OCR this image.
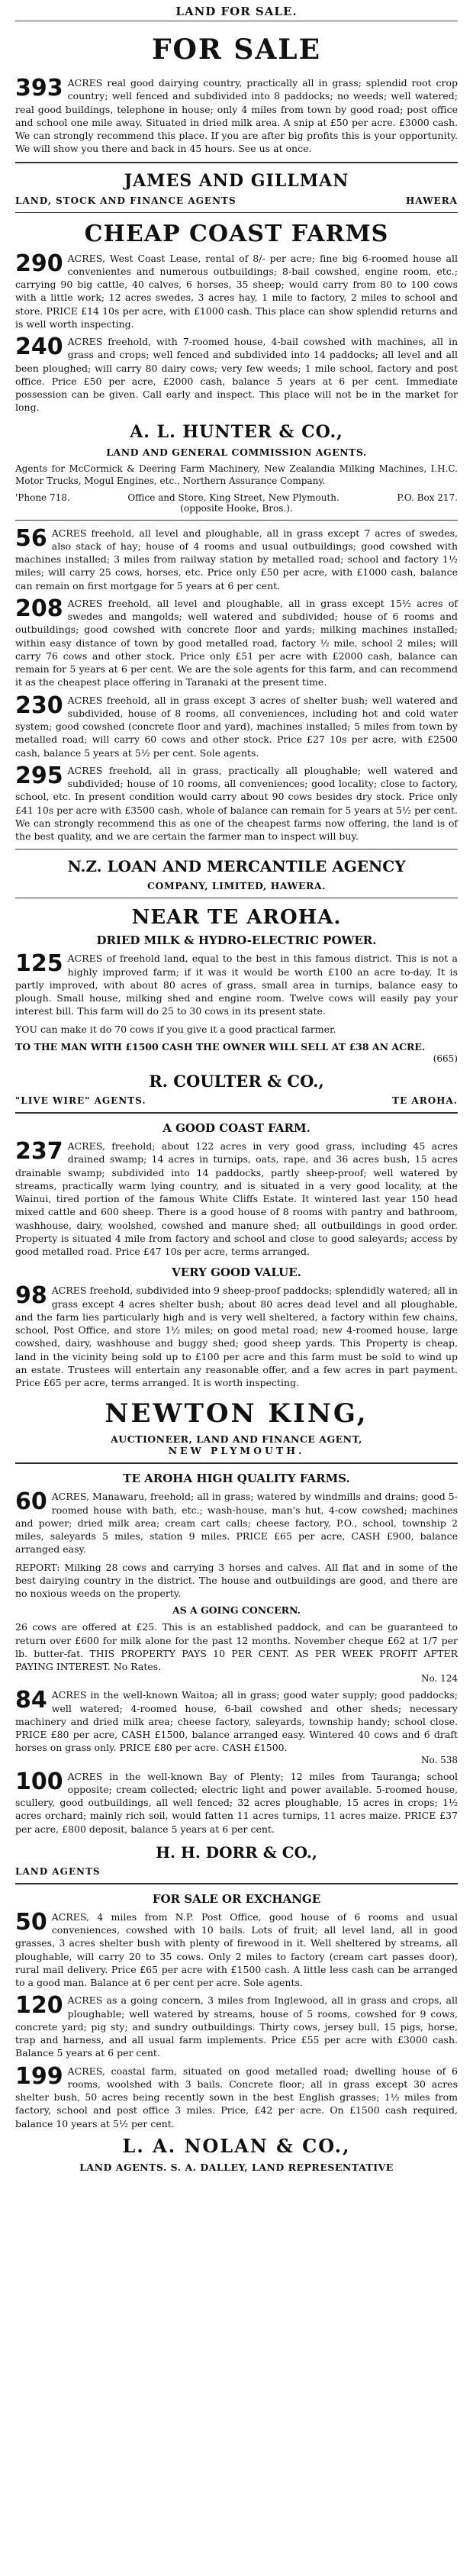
LAND FOR SALE.
FOR SALE

393 ACRES real good dairying country, practically all in grass; splendid root crop country; well fenced and subdivided into 8 paddocks; no weeds; well watered; real good buildings, telephone in house; only 4 miles from town by good road; post office and school one mile away. Situated in dried milk area. A snip at £50 per acre. £3000 cash. We can strongly recommend this place. If you are after big profits this is your opportunity. We will show you there and back in 45 hours. See us at once.

JAMES AND GILLMAN
LAND, STOCK AND FINANCE AGENTS	HAWERA
CHEAP COAST FARMS

290 ACRES, West Coast Lease, rental of 8/- per acre; fine big 6-roomed house all convenientes and numerous outbuildings; 8-bail cowshed, engine room, etc.; carrying 90 big cattle, 40 calves, 6 horses, 35 sheep; would carry from 80 to 100 cows with a little work; 12 acres swedes, 3 acres hay, 1 mile to factory, 2 miles to school and store. PRICE £14 10s per acre, with £1000 cash. This place can show splendid returns and is well worth inspecting.

240 ACRES freehold, with 7-roomed house, 4-bail cowshed with machines, all in grass and crops; well fenced and subdivided into 14 paddocks; all level and all been ploughed; will carry 80 dairy cows; very few weeds; 1 mile school, factory and post office. Price £50 per acre, £2000 cash, balance 5 years at 6 per cent. Immediate possession can be given. Call early and inspect. This place will not be in the market for long.

A. L. HUNTER & CO.,
LAND AND GENERAL COMMISSION AGENTS.

Agents for McCormick & Deering Farm Machinery, New Zealandia Milking Machines, I.H.C. Motor Trucks, Mogul Engines, etc., Northern Assurance Company.

'Phone 718.	Office and Store, King Street, New Plymouth.	P.O. Box 217.
(opposite Hooke, Bros.).

56 ACRES freehold, all level and ploughable, all in grass except 7 acres of swedes, also stack of hay; house of 4 rooms and usual outbuildings; good cowshed with machines installed; 3 miles from railway station by metalled road; school and factory 1½ miles; will carry 25 cows, horses, etc. Price only £50 per acre, with £1000 cash, balance can remain on first mortgage for 5 years at 6 per cent.

208 ACRES freehold, all level and ploughable, all in grass except 15½ acres of swedes and mangolds; well watered and subdivided; house of 6 rooms and outbuildings; good cowshed with concrete floor and yards; milking machines installed; within easy distance of town by good metalled road, factory ½ mile, school 2 miles; will carry 76 cows and other stock. Price only £51 per acre with £2000 cash, balance can remain for 5 years at 6 per cent. We are the sole agents for this farm, and can recommend it as the cheapest place offering in Taranaki at the present time.

230 ACRES freehold, all in grass except 3 acres of shelter bush; well watered and subdivided, house of 8 rooms, all conveniences, including hot and cold water system; good cowshed (concrete floor and yard), machines installed; 5 miles from town by metalled road; will carry 60 cows and other stock. Price £27 10s per acre, with £2500 cash, balance 5 years at 5½ per cent. Sole agents.

295 ACRES freehold, all in grass, practically all ploughable; well watered and subdivided; house of 10 rooms, all conveniences; good locality; close to factory, school, etc. In present condition would carry about 90 cows besides dry stock. Price only £41 10s per acre with £3500 cash, whole of balance can remain for 5 years at 5½ per cent. We can strongly recommend this as one of the cheapest farms now offering, the land is of the best quality, and we are certain the farmer man to inspect will buy.

N.Z. LOAN AND MERCANTILE AGENCY
COMPANY, LIMITED, HAWERA.
NEAR TE AROHA.
DRIED MILK & HYDRO-ELECTRIC POWER.

125 ACRES of freehold land, equal to the best in this famous district. This is not a highly improved farm; if it was it would be worth £100 an acre to-day. It is partly improved, with about 80 acres of grass, small area in turnips, balance easy to plough. Small house, milking shed and engine room. Twelve cows will easily pay your interest bill. This farm will do 25 to 30 cows in its present state.

YOU can make it do 70 cows if you give it a good practical farmer.

TO THE MAN WITH £1500 CASH THE OWNER WILL SELL AT £38 AN ACRE.

(665)
R. COULTER & CO.,
"LIVE WIRE" AGENTS.	TE AROHA.
A GOOD COAST FARM.

237 ACRES, freehold; about 122 acres in very good grass, including 45 acres drained swamp; 14 acres in turnips, oats, rape, and 36 acres bush, 15 acres drainable swamp; subdivided into 14 paddocks, partly sheep-proof; well watered by streams, practically warm lying country, and is situated in a very good locality, at the Wainui, tired portion of the famous White Cliffs Estate. It wintered last year 150 head mixed cattle and 600 sheep. There is a good house of 8 rooms with pantry and bathroom, washhouse, dairy, woolshed, cowshed and manure shed; all outbuildings in good order. Property is situated 4 mile from factory and school and close to good saleyards; access by good metalled road. Price £47 10s per acre, terms arranged.

VERY GOOD VALUE.

98 ACRES freehold, subdivided into 9 sheep-proof paddocks; splendidly watered; all in grass except 4 acres shelter bush; about 80 acres dead level and all ploughable, and the farm lies particularly high and is very well sheltered, a factory within few chains, school, Post Office, and store 1½ miles; on good metal road; new 4-roomed house, large cowshed, dairy, washhouse and buggy shed; good sheep yards. This Property is cheap, land in the vicinity being sold up to £100 per acre and this farm must be sold to wind up an estate. Trustees will entertain any reasonable offer, and a few acres in part payment. Price £65 per acre, terms arranged. It is worth inspecting.

NEWTON KING,
AUCTIONEER, LAND AND FINANCE AGENT,
NEW PLYMOUTH.
TE AROHA HIGH QUALITY FARMS.

60 ACRES, Manawaru, freehold; all in grass; watered by windmills and drains; good 5-roomed house with bath, etc.; wash-house, man's hut, 4-cow cowshed; machines and power; dried milk area; cream cart calls; cheese factory, P.O., school, township 2 miles, saleyards 5 miles, station 9 miles. PRICE £65 per acre, CASH £900, balance arranged easy.

REPORT: Milking 28 cows and carrying 3 horses and calves. All flat and in some of the best dairying country in the district. The house and outbuildings are good, and there are no noxious weeds on the property.

AS A GOING CONCERN.

26 cows are offered at £25. This is an established paddock, and can be guaranteed to return over £600 for milk alone for the past 12 months. November cheque £62 at 1/7 per lb. butter-fat. THIS PROPERTY PAYS 10 PER CENT. AS PER WEEK PROFIT AFTER PAYING INTEREST. No Rates.

No. 124

84 ACRES in the well-known Waitoa; all in grass; good water supply; good paddocks; well watered; 4-roomed house, 6-bail cowshed and other sheds; necessary machinery and dried milk area; cheese factory, saleyards, township handy; school close. PRICE £80 per acre, CASH £1500, balance arranged easy. Wintered 40 cows and 6 draft horses on grass only. PRICE £80 per acre. CASH £1500.

No. 538

100 ACRES in the well-known Bay of Plenty; 12 miles from Tauranga; school opposite; cream collected; electric light and power available. 5-roomed house, scullery, good outbuildings, all well fenced; 32 acres ploughable, 15 acres in crops; 1½ acres orchard; mainly rich soil, would fatten 11 acres turnips, 11 acres maize. PRICE £37 per acre, £800 deposit, balance 5 years at 6 per cent.

H. H. DORR & CO.,
LAND AGENTS
FOR SALE OR EXCHANGE

50 ACRES, 4 miles from N.P. Post Office, good house of 6 rooms and usual conveniences, cowshed with 10 bails. Lots of fruit; all level land, all in good grasses, 3 acres shelter bush with plenty of firewood in it. Well sheltered by streams, all ploughable, will carry 20 to 35 cows. Only 2 miles to factory (cream cart passes door), rural mail delivery. Price £65 per acre with £1500 cash. A little less cash can be arranged to a good man. Balance at 6 per cent per acre. Sole agents.

120 ACRES as a going concern, 3 miles from Inglewood, all in grass and crops, all ploughable; well watered by streams, house of 5 rooms, cowshed for 9 cows, concrete yard; pig sty; and sundry outbuildings. Thirty cows, jersey bull, 15 pigs, horse, trap and harness, and all usual farm implements. Price £55 per acre with £3000 cash. Balance 5 years at 6 per cent.

199 ACRES, coastal farm, situated on good metalled road; dwelling house of 6 rooms, woolshed with 3 bails. Concrete floor; all in grass except 30 acres shelter bush, 50 acres being recently sown in the best English grasses; 1½ miles from factory, school and post office 3 miles. Price, £42 per acre. On £1500 cash required, balance 10 years at 5½ per cent.

L. A. NOLAN & CO.,
LAND AGENTS. S. A. DALLEY, LAND REPRESENTATIVE
